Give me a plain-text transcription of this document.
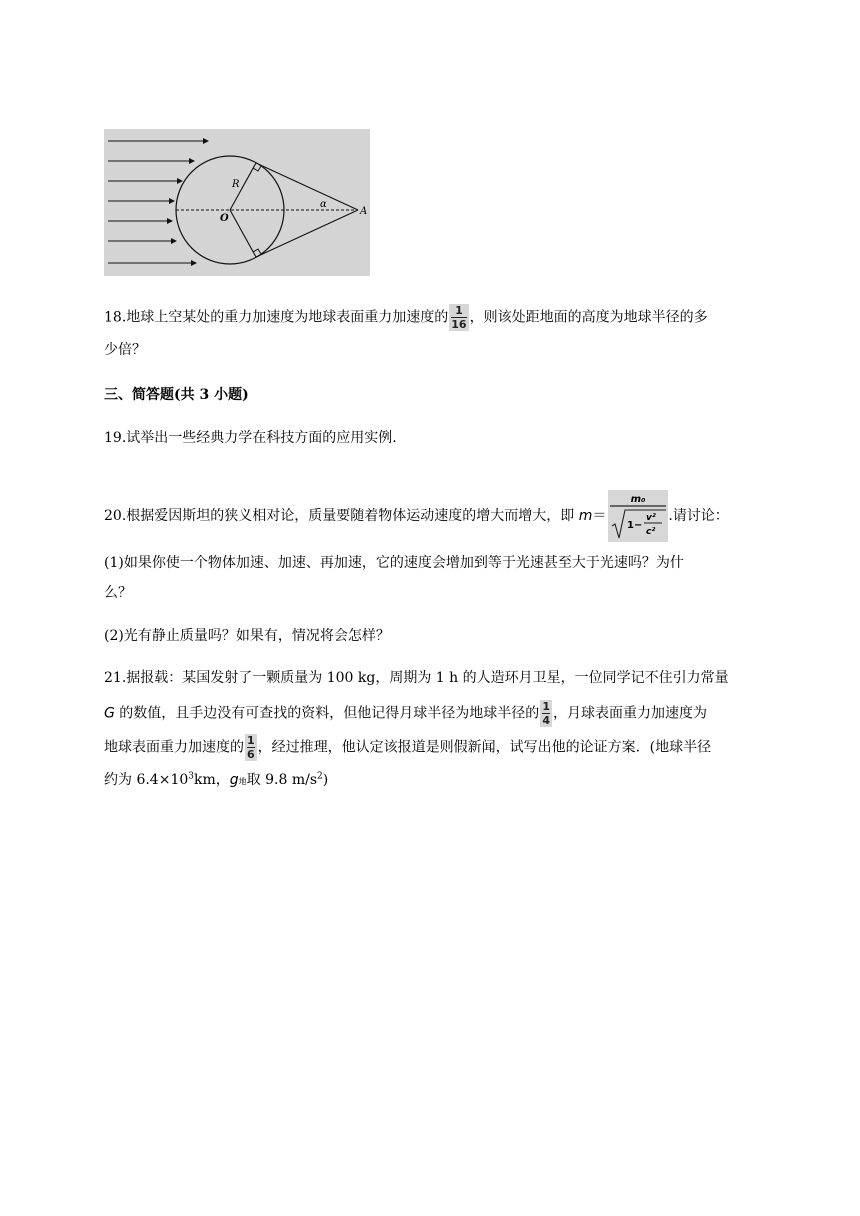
R
O
α
A
18.地球上空某处的重力加速度为地球表面重力加速度的$\frac{1}{16}$，则该处距地面的高度为地球半径的多
少倍？
三、简答题(共 3 小题)
19.试举出一些经典力学在科技方面的应用实例.
20.根据爱因斯坦的狭义相对论，质量要随着物体运动速度的增大而增大，即 m＝
m₀
1−
v²
c²
.请讨论：
(1)如果你使一个物体加速、加速、再加速，它的速度会增加到等于光速甚至大于光速吗？为什
么？
(2)光有静止质量吗？如果有，情况将会怎样？
21.据报载：某国发射了一颗质量为 100 kg，周期为 1 h 的人造环月卫星，一位同学记不住引力常量
G 的数值，且手边没有可查找的资料，但他记得月球半径为地球半径的$\frac{1}{4}$，月球表面重力加速度为
地球表面重力加速度的$\frac{1}{6}$，经过推理，他认定该报道是则假新闻，试写出他的论证方案．(地球半径
约为 $6.4\times 10^3km$，g地取 9.8 $m/s^2$)
